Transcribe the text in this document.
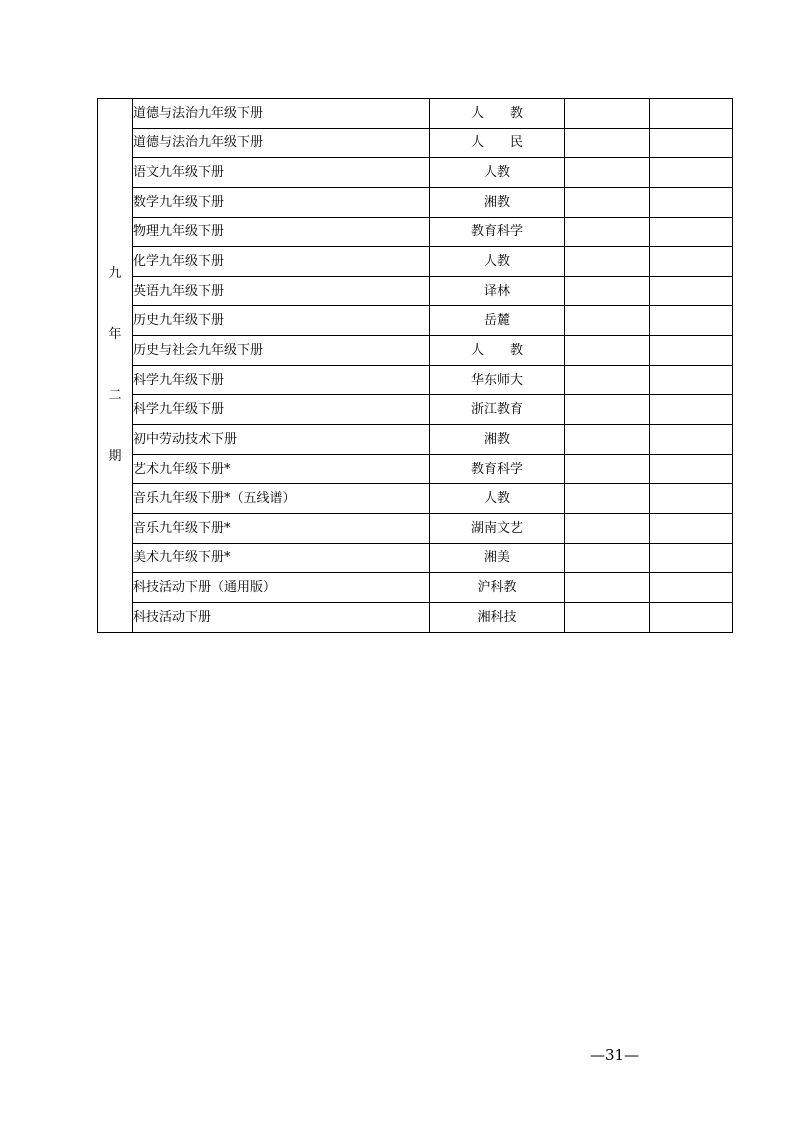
九
年
二
期	道德与法治九年级下册	人　　教		
	道德与法治九年级下册	人　　民		
	语文九年级下册	人教		
	数学九年级下册	湘教		
	物理九年级下册	教育科学		
	化学九年级下册	人教		
	英语九年级下册	译林		
	历史九年级下册	岳麓		
	历史与社会九年级下册	人　　教		
	科学九年级下册	华东师大		
	科学九年级下册	浙江教育		
	初中劳动技术下册	湘教		
	艺术九年级下册*	教育科学		
	音乐九年级下册*（五线谱）	人教		
	音乐九年级下册*	湖南文艺		
	美术九年级下册*	湘美		
	科技活动下册（通用版）	沪科教		
	科技活动下册	湘科技		
—31—
